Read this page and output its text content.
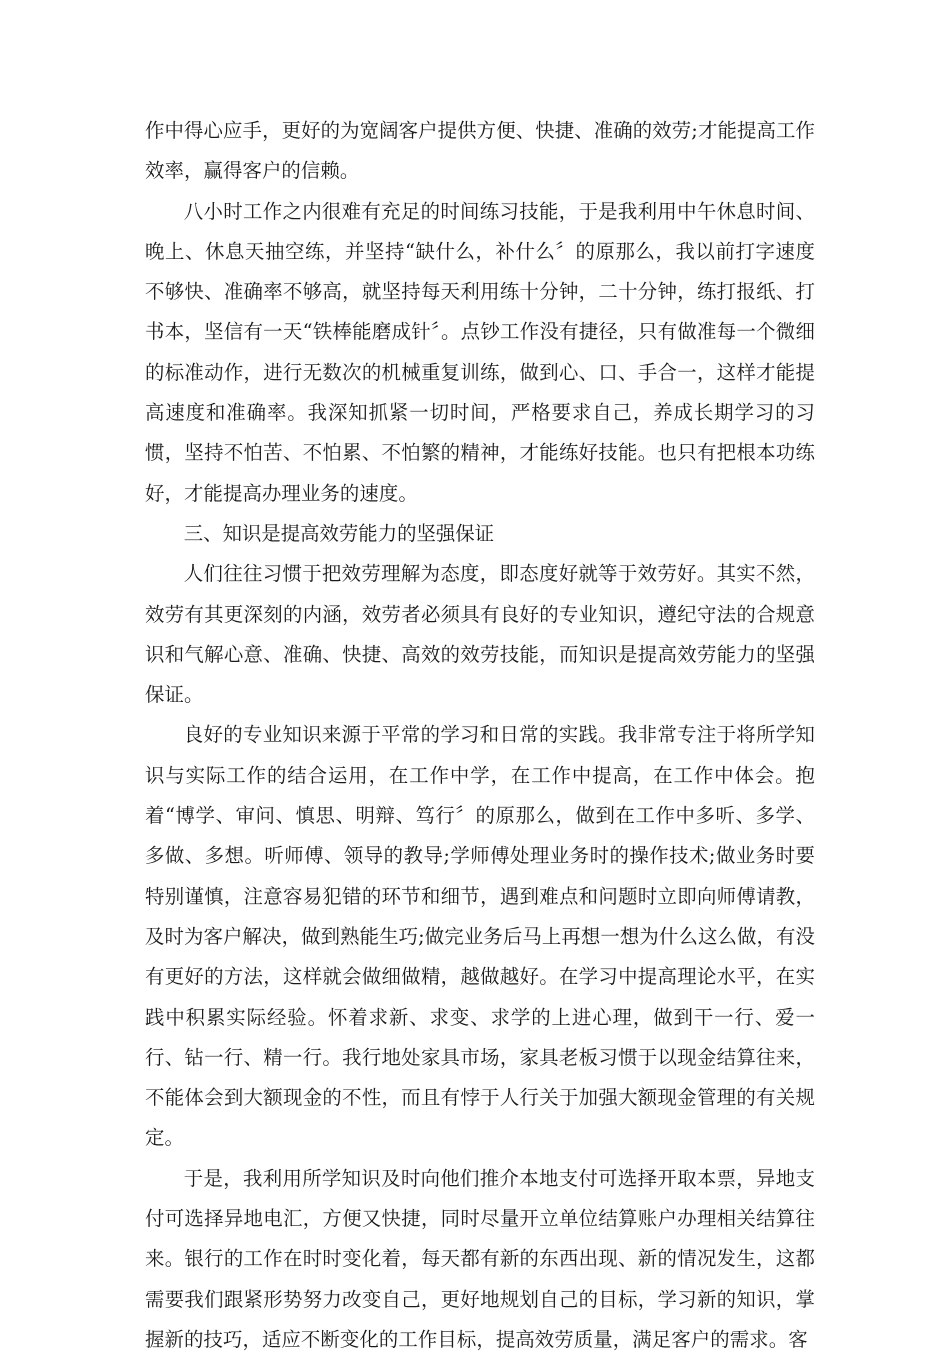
作中得心应手，更好的为宽阔客户提供方便、快捷、准确的效劳;才能提高工作效率，赢得客户的信赖。

八小时工作之内很难有充足的时间练习技能，于是我利用中午休息时间、晚上、休息天抽空练，并坚持“缺什么，补什么〞的原那么，我以前打字速度不够快、准确率不够高，就坚持每天利用练十分钟，二十分钟，练打报纸、打书本，坚信有一天“铁棒能磨成针〞。点钞工作没有捷径，只有做准每一个微细的标准动作，进行无数次的机械重复训练，做到心、口、手合一，这样才能提高速度和准确率。我深知抓紧一切时间，严格要求自己，养成长期学习的习惯，坚持不怕苦、不怕累、不怕繁的精神，才能练好技能。也只有把根本功练好，才能提高办理业务的速度。

三、知识是提高效劳能力的坚强保证

人们往往习惯于把效劳理解为态度，即态度好就等于效劳好。其实不然，效劳有其更深刻的内涵，效劳者必须具有良好的专业知识，遵纪守法的合规意识和气解心意、准确、快捷、高效的效劳技能，而知识是提高效劳能力的坚强保证。

良好的专业知识来源于平常的学习和日常的实践。我非常专注于将所学知识与实际工作的结合运用，在工作中学，在工作中提高，在工作中体会。抱着“博学、审问、慎思、明辩、笃行〞的原那么，做到在工作中多听、多学、多做、多想。听师傅、领导的教导;学师傅处理业务时的操作技术;做业务时要特别谨慎，注意容易犯错的环节和细节，遇到难点和问题时立即向师傅请教，及时为客户解决，做到熟能生巧;做完业务后马上再想一想为什么这么做，有没有更好的方法，这样就会做细做精，越做越好。在学习中提高理论水平，在实践中积累实际经验。怀着求新、求变、求学的上进心理，做到干一行、爱一行、钻一行、精一行。我行地处家具市场，家具老板习惯于以现金结算往来，不能体会到大额现金的不性，而且有悖于人行关于加强大额现金管理的有关规定。

于是，我利用所学知识及时向他们推介本地支付可选择开取本票，异地支付可选择异地电汇，方便又快捷，同时尽量开立单位结算账户办理相关结算往来。银行的工作在时时变化着，每天都有新的东西出现、新的情况发生，这都需要我们跟紧形势努力改变自己，更好地规划自己的目标，学习新的知识，掌握新的技巧，适应不断变化的工作目标，提高效劳质量，满足客户的需求。客
